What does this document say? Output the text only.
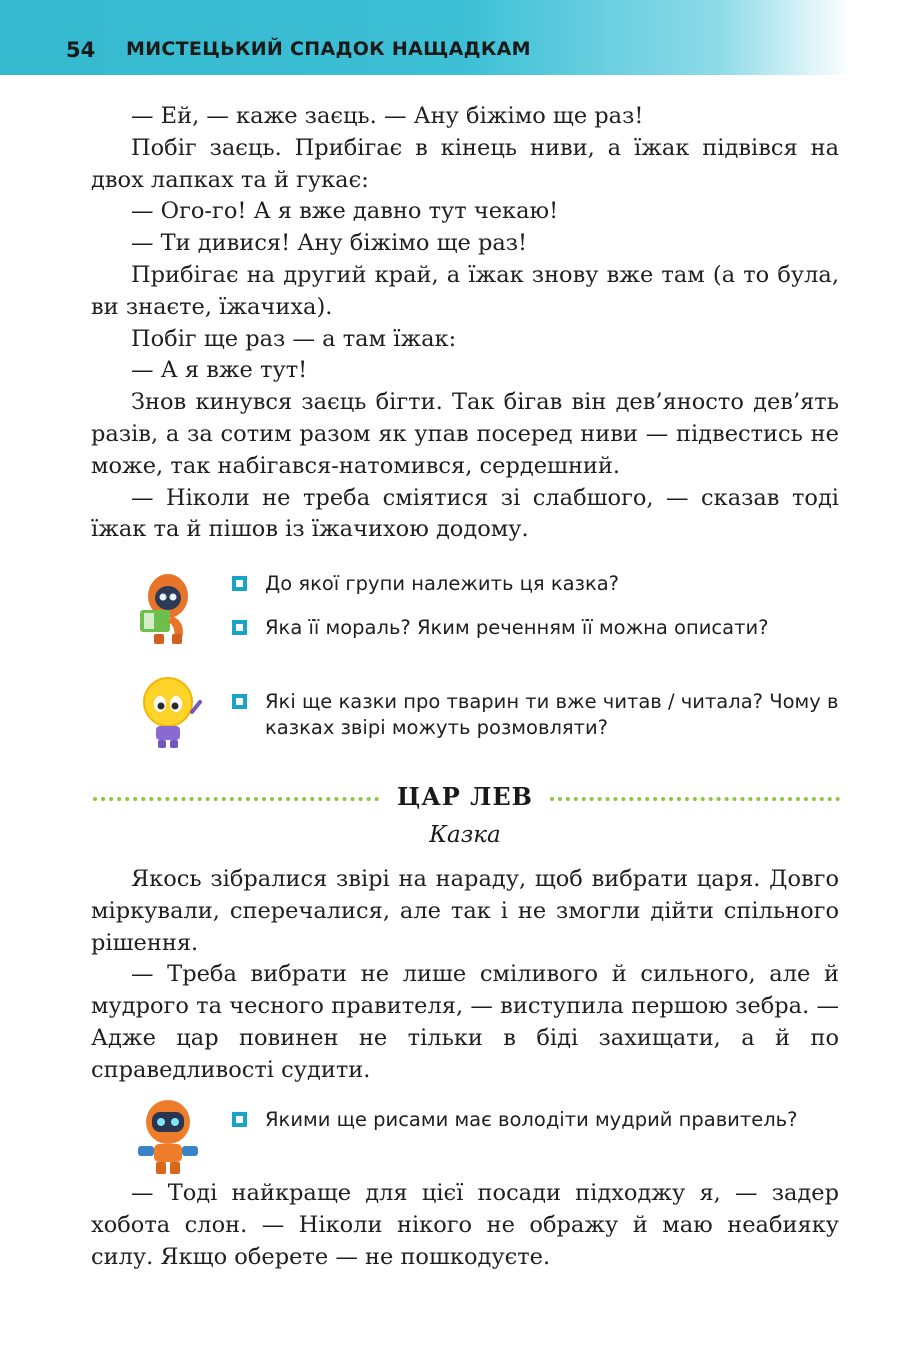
54 МИСТЕЦЬКИЙ СПАДОК НАЩАДКАМ

— Ей, — каже заєць. — Ану біжімо ще раз!

Побіг заєць. Прибігає в кінець ниви, а їжак підвівся на двох лапках та й гукає:

— Ого-го! А я вже давно тут чекаю!

— Ти дивися! Ану біжімо ще раз!

Прибігає на другий край, а їжак знову вже там (а то була, ви знаєте, їжачиха).

Побіг ще раз — а там їжак:

— А я вже тут!

Знов кинувся заєць бігти. Так бігав він дев’яносто дев’ять разів, а за сотим разом як упав посеред ниви — підвестись не може, так набігався-натомився, сердешний.

— Ніколи не треба сміятися зі слабшого, — сказав тоді їжак та й пішов із їжачихою додому.

До якої групи належить ця казка?
Яка її мораль? Яким реченням її можна описати?
Які ще казки про тварин ти вже читав / читала? Чому в казках звірі можуть розмовляти?
ЦАР ЛЕВ
Казка

Якось зібралися звірі на нараду, щоб вибрати царя. Довго міркували, сперечалися, але так і не змогли дійти спільного рішення.

— Треба вибрати не лише сміливого й сильного, але й мудрого та чесного правителя, — виступила першою зебра. — Адже цар повинен не тільки в біді захищати, а й по справедливості судити.

Якими ще рисами має володіти мудрий правитель?

— Тоді найкраще для цієї посади підходжу я, — задер хобота слон. — Ніколи нікого не ображу й маю неабияку силу. Якщо оберете — не пошкодуєте.
